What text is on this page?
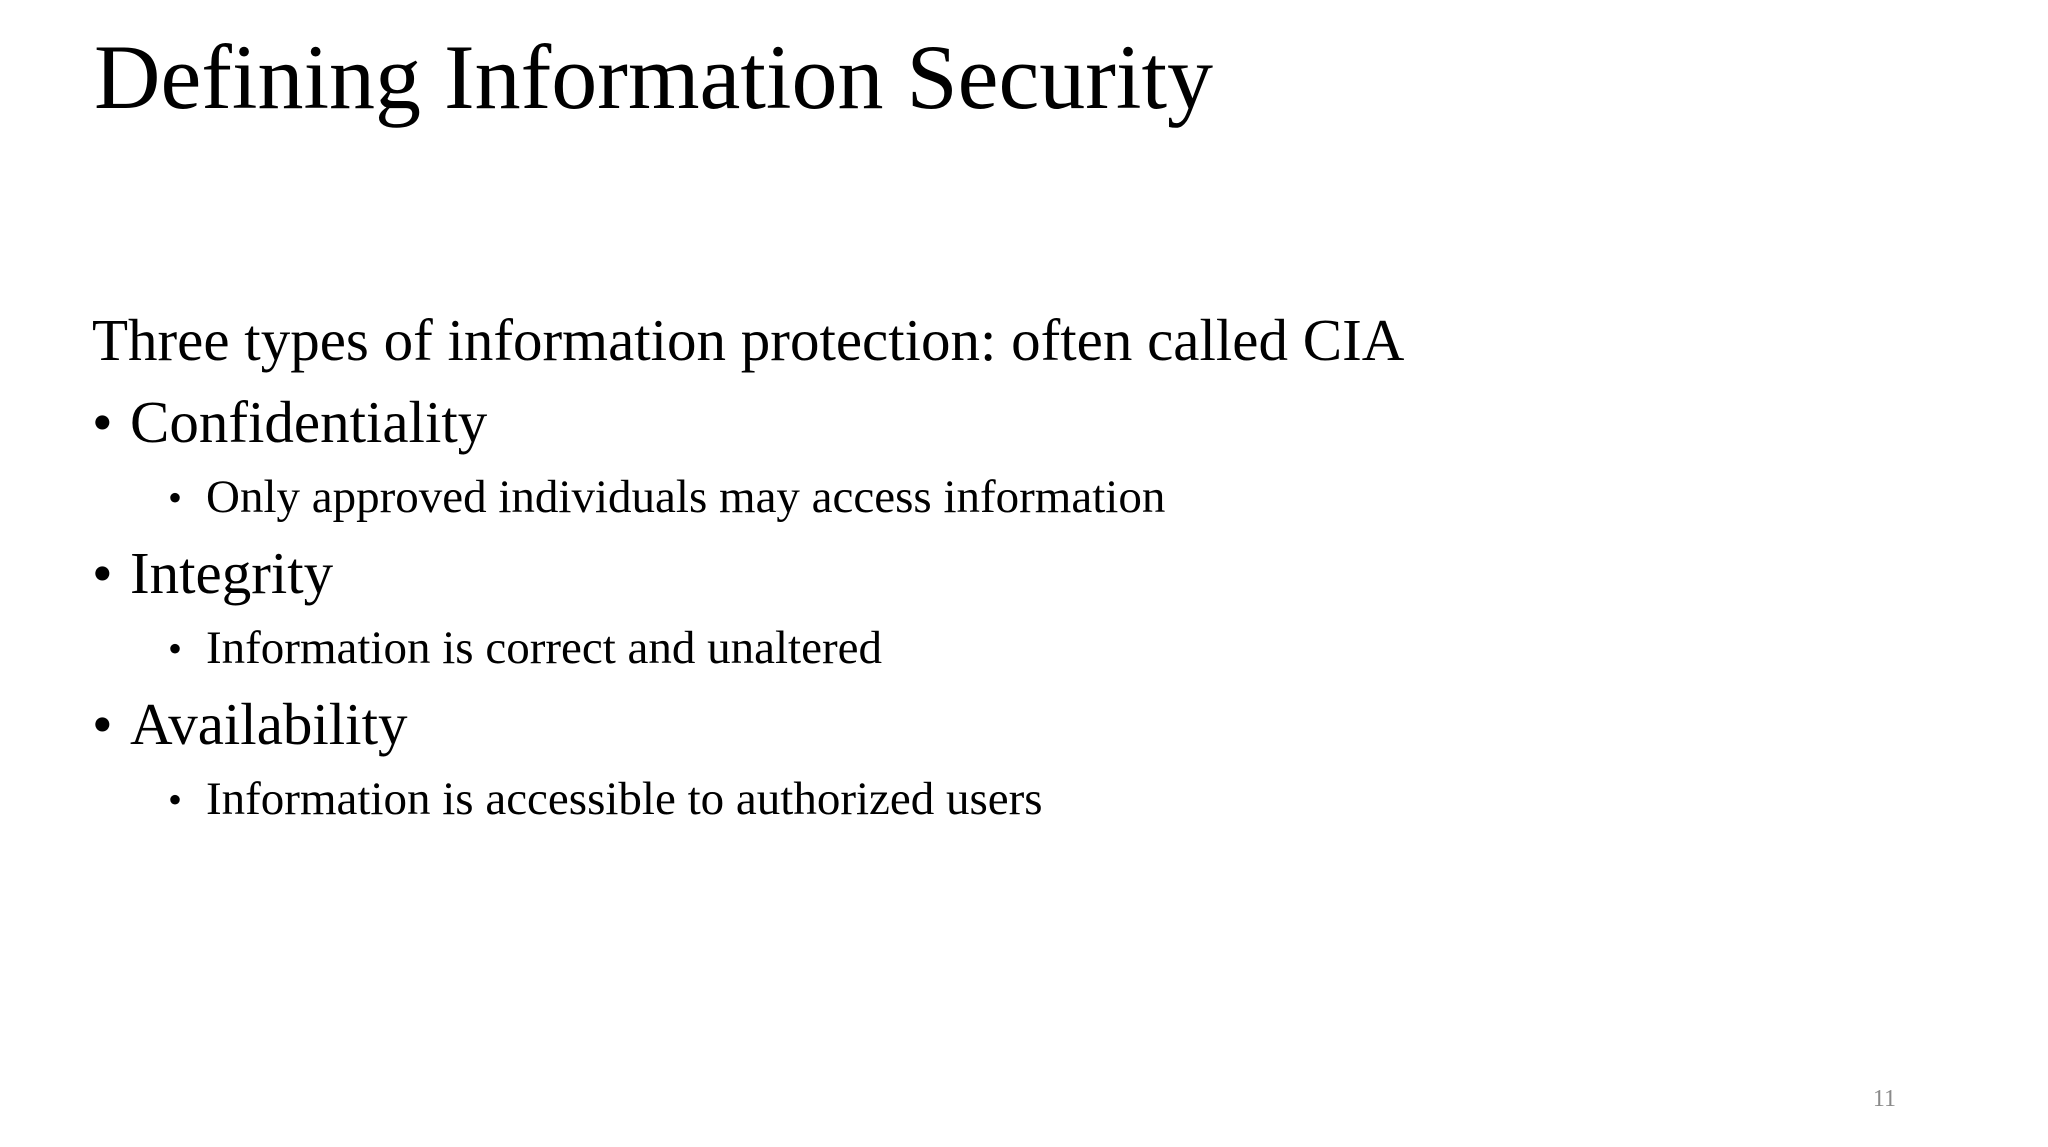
Defining Information Security

Three types of information protection: often called CIA

• Confidentiality
• Only approved individuals may access information
• Integrity
• Information is correct and unaltered
• Availability
• Information is accessible to authorized users
11
